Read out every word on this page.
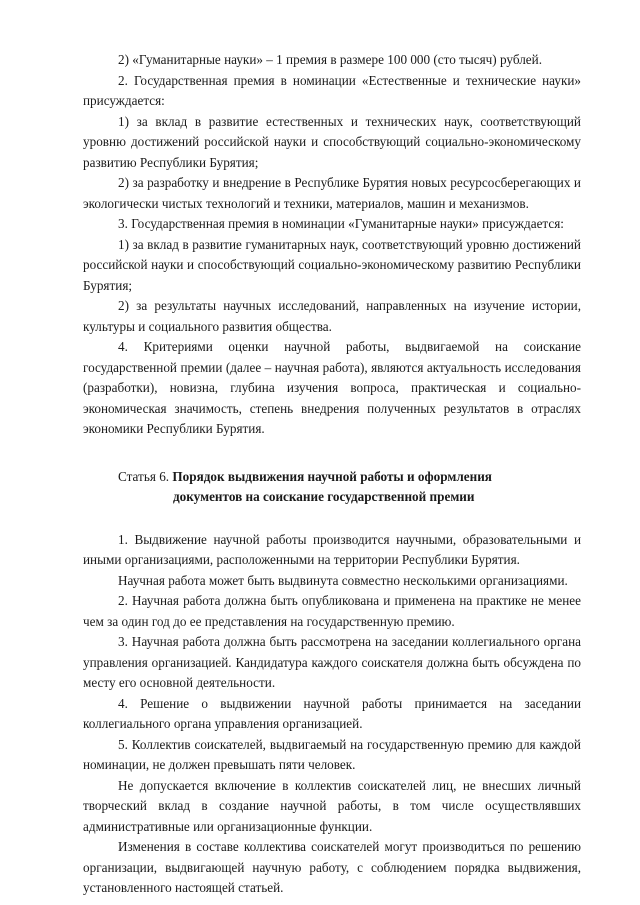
2) «Гуманитарные науки» – 1 премия в размере 100 000 (сто тысяч) рублей.

2. Государственная премия в номинации «Естественные и технические науки» присуждается:

1) за вклад в развитие естественных и технических наук, соответствующий уровню достижений российской науки и способствующий социально-экономическому развитию Республики Бурятия;

2) за разработку и внедрение в Республике Бурятия новых ресурсосберегающих и экологически чистых технологий и техники, материалов, машин и механизмов.

3. Государственная премия в номинации «Гуманитарные науки» присуждается:

1) за вклад в развитие гуманитарных наук, соответствующий уровню достижений российской науки и способствующий социально-экономическому развитию Республики Бурятия;

2) за результаты научных исследований, направленных на изучение истории, культуры и социального развития общества.

4. Критериями оценки научной работы, выдвигаемой на соискание государственной премии (далее – научная работа), являются актуальность исследования (разработки), новизна, глубина изучения вопроса, практическая и социально-экономическая значимость, степень внедрения полученных результатов в отраслях экономики Республики Бурятия.

Статья 6. Порядок выдвижения научной работы и оформления
документов на соискание государственной премии

1. Выдвижение научной работы производится научными, образовательными и иными организациями, расположенными на территории Республики Бурятия.

Научная работа может быть выдвинута совместно несколькими организациями.

2. Научная работа должна быть опубликована и применена на практике не менее чем за один год до ее представления на государственную премию.

3. Научная работа должна быть рассмотрена на заседании коллегиального органа управления организацией. Кандидатура каждого соискателя должна быть обсуждена по месту его основной деятельности.

4. Решение о выдвижении научной работы принимается на заседании коллегиального органа управления организацией.

5. Коллектив соискателей, выдвигаемый на государственную премию для каждой номинации, не должен превышать пяти человек.

Не допускается включение в коллектив соискателей лиц, не внесших личный творческий вклад в создание научной работы, в том числе осуществлявших административные или организационные функции.

Изменения в составе коллектива соискателей могут производиться по решению организации, выдвигающей научную работу, с соблюдением порядка выдвижения, установленного настоящей статьей.
